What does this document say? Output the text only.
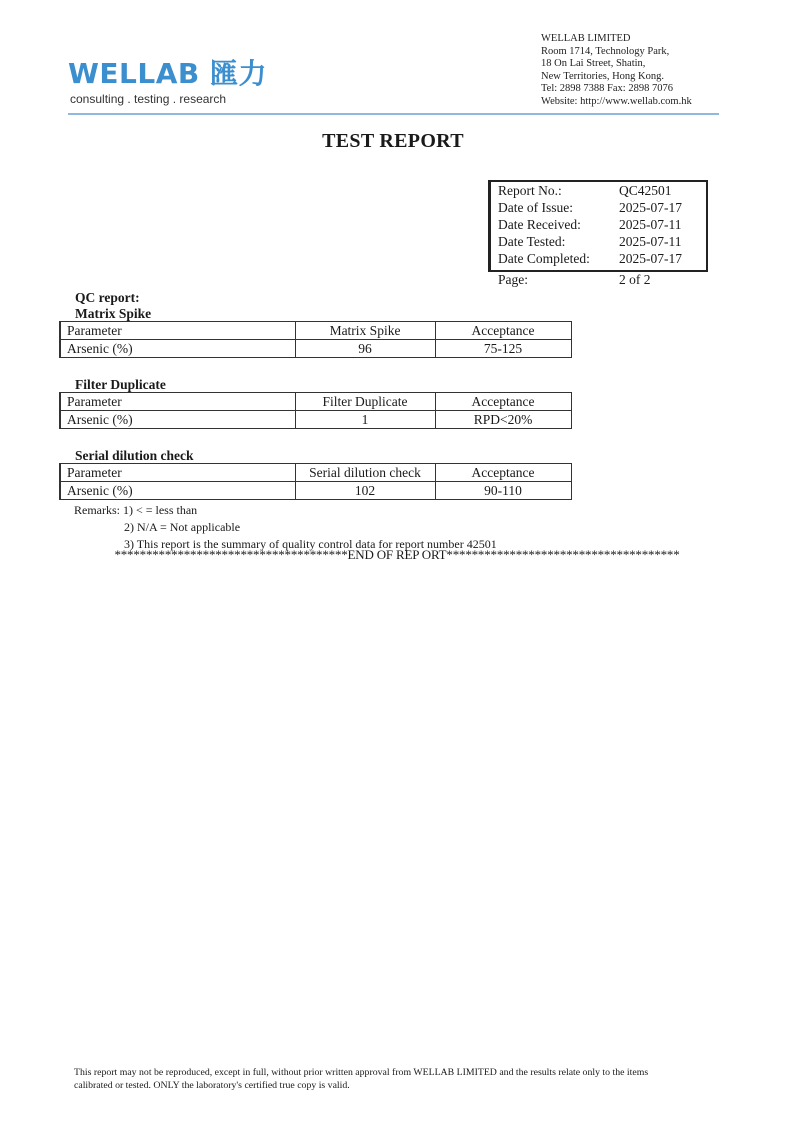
WELLAB 匯力
consulting . testing . research
WELLAB LIMITED
Room 1714, Technology Park,
18 On Lai Street, Shatin,
New Territories, Hong Kong.
Tel: 2898 7388 Fax: 2898 7076
Website: http://www.wellab.com.hk
TEST REPORT
Report No.:	QC42501
Date of Issue:	2025-07-17
Date Received:	2025-07-11
Date Tested:	2025-07-11
Date Completed: 2025-07-17
Page:	2 of 2
QC report:
Matrix Spike
Parameter	Matrix Spike	Acceptance
Arsenic (%)	96	75-125
Filter Duplicate
Parameter	Filter Duplicate	Acceptance
Arsenic (%)	1	RPD<20%
Serial dilution check
Parameter	Serial dilution check	Acceptance
Arsenic (%)	102	90-110
Remarks: 1) < = less than
2) N/A = Not applicable
3) This report is the summary of quality control data for report number 42501
*************************************END OF REP ORT*************************************
This report may not be reproduced, except in full, without prior written approval from WELLAB LIMITED and the results relate only to the items
calibrated or tested. ONLY the laboratory's certified true copy is valid.
